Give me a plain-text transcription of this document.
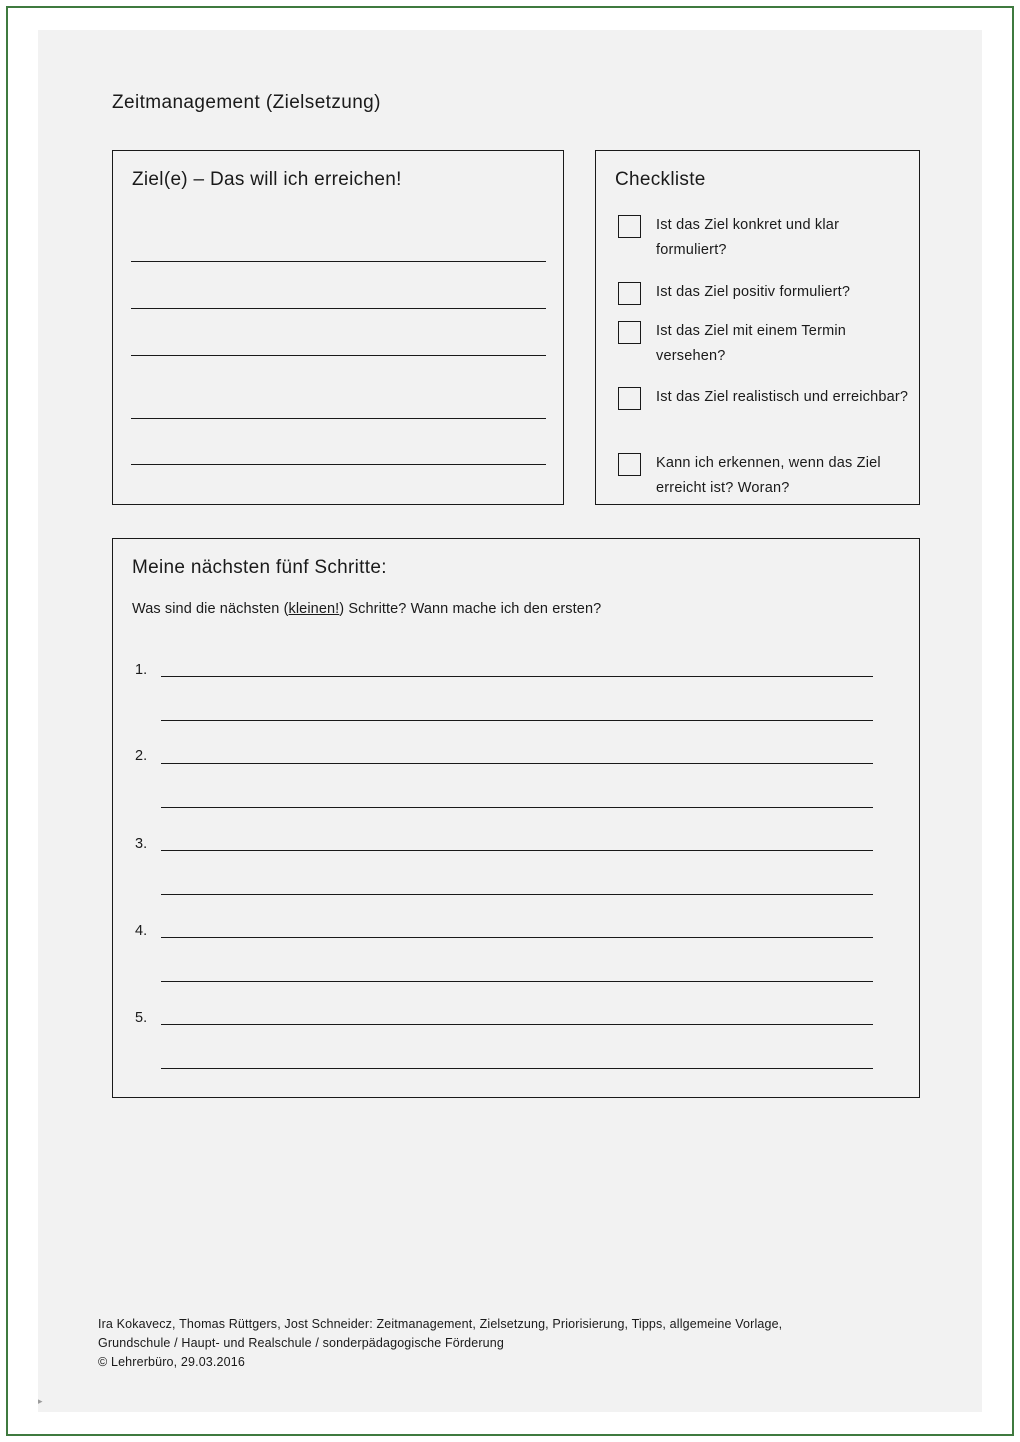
Zeitmanagement (Zielsetzung)
Ziel(e) – Das will ich erreichen!	Checkliste
Ist das Ziel konkret und klar formuliert?
Ist das Ziel positiv formuliert?
Ist das Ziel mit einem Termin versehen?
Ist das Ziel realistisch und erreichbar?
Kann ich erkennen, wenn das Ziel erreicht ist? Woran?
Meine nächsten fünf Schritte:
Was sind die nächsten (kleinen!) Schritte? Wann mache ich den ersten?
1.
2.
3.
4.
5.
Ira Kokavecz, Thomas Rüttgers, Jost Schneider: Zeitmanagement, Zielsetzung, Priorisierung, Tipps, allgemeine Vorlage,
Grundschule / Haupt- und Realschule / sonderpädagogische Förderung
© Lehrerbüro, 29.03.2016
▸
